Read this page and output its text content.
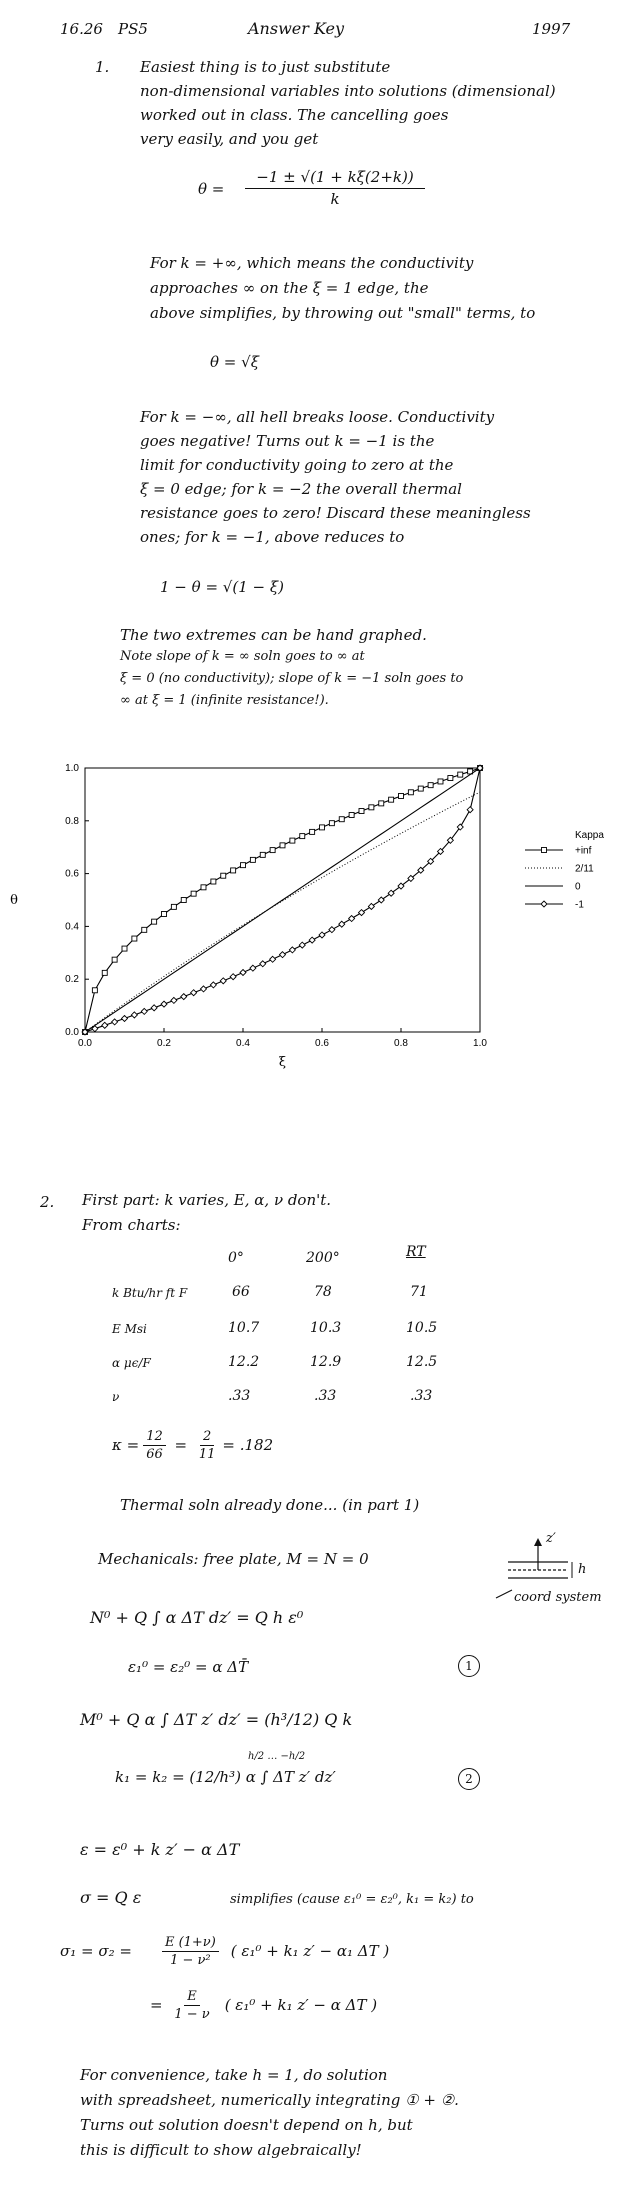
16.26 PS5	Answer Key	1997
1. Easiest thing is to just substitute
non-dimensional variables into solutions (dimensional)
worked out in class. The cancelling goes
very easily, and you get
$\theta = \frac{-1 \pm √(1 + k\xi(2+k))}{k}$
For k = +∞, which means the conductivity
approaches ∞ on the ξ = 1 edge, the
above simplifies, by throwing out "small" terms, to
θ = √ξ
For k = −∞, all hell breaks loose. Conductivity
goes negative! Turns out k = −1 is the
limit for conductivity going to zero at the
ξ = 0 edge; for k = −2 the overall thermal
resistance goes to zero! Discard these meaningless
ones; for k = −1, above reduces to
1 − θ = √(1 − ξ)
The two extremes can be hand graphed.
Note slope of k = ∞ soln goes to ∞ at
ξ = 0 (no conductivity); slope of k = −1 soln goes to
∞ at ξ = 1 (infinite resistance!).
0.0	0.2	0.4	0.6	0.8	1.0
0.0
0.2
0.4
0.6
0.8
1.0
ξ
θ
Kappa
+inf
2/11
0
-1
2. First part: k varies, E, α, ν don't.
From charts:
0°	200°	RT
k Btu/hr ft F	66	78	71
E Msi	10.7	10.3	10.5
α μϵ/F	12.2	12.9	12.5
ν	.33	.33	.33
$\kappa = \frac{12}{66} = \frac{2}{11} = .182$
Thermal soln already done... (in part 1)
Mechanicals: free plate, M = N = 0
z′
h
coord system
N⁰ + Q ∫ α ΔT dz′ = Q h ε⁰
ε₁⁰ = ε₂⁰ = α ΔT̄	1
M⁰ + Q α ∫ ΔT z′ dz′ = (h³/12) Q k
k₁ = k₂ = (12/h³) α ∫ ΔT z′ dz′
h/2 … −h/2
2
ε = ε⁰ + k z′ − α ΔT
σ = Q ε	simplifies (cause ε₁⁰ = ε₂⁰, k₁ = k₂) to
$\sigma_1 = \sigma_2 = \frac{E (1+\nu)}{\text{1 − ν²}}$ ( ε₁⁰ + k₁ z′ − α₁ ΔT )
= $\frac{E}{1 - \nu}$ ( ε₁⁰ + k₁ z′ − α ΔT )
For convenience, take h = 1, do solution
with spreadsheet, numerically integrating ① + ②.
Turns out solution doesn't depend on h, but
this is difficult to show algebraically!
